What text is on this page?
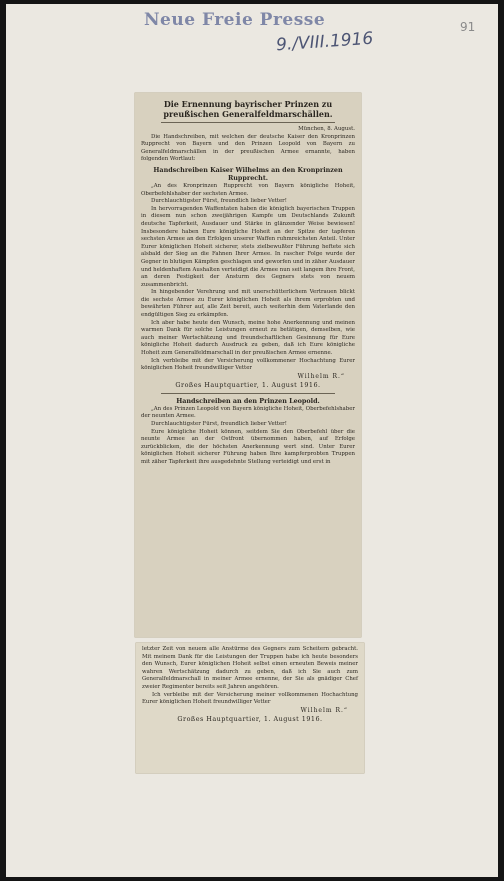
Neue Freie Presse
9./VIII.1916
91
Die Ernennung bayrischer Prinzen zu preußischen Generalfeldmarschällen.

München, 8. August.

Die Handschreiben, mit welchen der deutsche Kaiser den Kronprinzen Rupprecht von Bayern und den Prinzen Leopold von Bayern zu Generalfeldmarschällen in der preußischen Armee ernannte, haben folgenden Wortlaut:

Handschreiben Kaiser Wilhelms an den Kronprinzen Rupprecht.

„An des Kronprinzen Rupprecht von Bayern königliche Hoheit, Oberbefehlshaber der sechsten Armee.

Durchlauchtigster Fürst, freundlich lieber Vetter!

In hervorragenden Waffentaten haben die königlich bayerischen Truppen in diesem nun schon zweijährigen Kampfe um Deutschlands Zukunft deutsche Tapferkeit, Ausdauer und Stärke in glänzender Weise bewiesen! Insbesondere haben Eure königliche Hoheit an der Spitze der tapferen sechsten Armee an den Erfolgen unserer Waffen ruhmreichsten Anteil. Unter Eurer königlichen Hoheit sicherer, stets zielbewußter Führung heftete sich alsbald der Sieg an die Fahnen Ihrer Armee. In rascher Folge wurde der Gegner in blutigen Kämpfen geschlagen und geworfen und in zäher Ausdauer und heldenhaftem Aushalten verteidigt die Armee nun seit langem ihre Front, an deren Festigkeit der Ansturm des Gegners stets von neuem zusammenbricht.

In hingebender Verehrung und mit unerschütterlichem Vertrauen blickt die sechste Armee zu Eurer königlichen Hoheit als ihrem erprobten und bewährten Führer auf, alle Zeit bereit, auch weiterhin dem Vaterlande den endgültigen Sieg zu erkämpfen.

Ich aber habe heute den Wunsch, meine hohe Anerkennung und meinen warmen Dank für solche Leistungen erneut zu betätigen, demselben, wie auch meiner Wertschätzung und freundschaftlichen Gesinnung für Eure königliche Hoheit dadurch Ausdruck zu geben, daß ich Eure königliche Hoheit zum Generalfeldmarschall in der preußischen Armee ernenne.

Ich verbleibe mit der Versicherung vollkommener Hochachtung Eurer königlichen Hoheit freundwilliger Vetter

Wilhelm R.“
Großes Hauptquartier, 1. August 1916.
Handschreiben an den Prinzen Leopold.

„An des Prinzen Leopold von Bayern königliche Hoheit, Oberbefehlshaber der neunten Armee.

Durchlauchtigster Fürst, freundlich lieber Vetter!

Eure königliche Hoheit können, seitdem Sie den Oberbefehl über die neunte Armee an der Ostfront übernommen haben, auf Erfolge zurückblicken, die der höchsten Anerkennung wert sind. Unter Eurer königlichen Hoheit sicherer Führung haben Ihre kampferprobten Truppen mit zäher Tapferkeit ihre ausgedehnte Stellung verteidigt und erst in

letzter Zeit von neuem alle Anstürme des Gegners zum Scheitern gebracht. Mit meinem Dank für die Leistungen der Truppen habe ich heute besonders den Wunsch, Eurer königlichen Hoheit selbst einen erneuten Beweis meiner wahren Wertschätzung dadurch zu geben, daß ich Sie auch zum Generalfeldmarschall in meiner Armee ernenne, der Sie als gnädiger Chef zweier Regimenter bereits seit Jahren angehören.

Ich verbleibe mit der Versicherung meiner vollkommenen Hochachtung Eurer königlichen Hoheit freundwilliger Vetter

Wilhelm R.“
Großes Hauptquartier, 1. August 1916.
